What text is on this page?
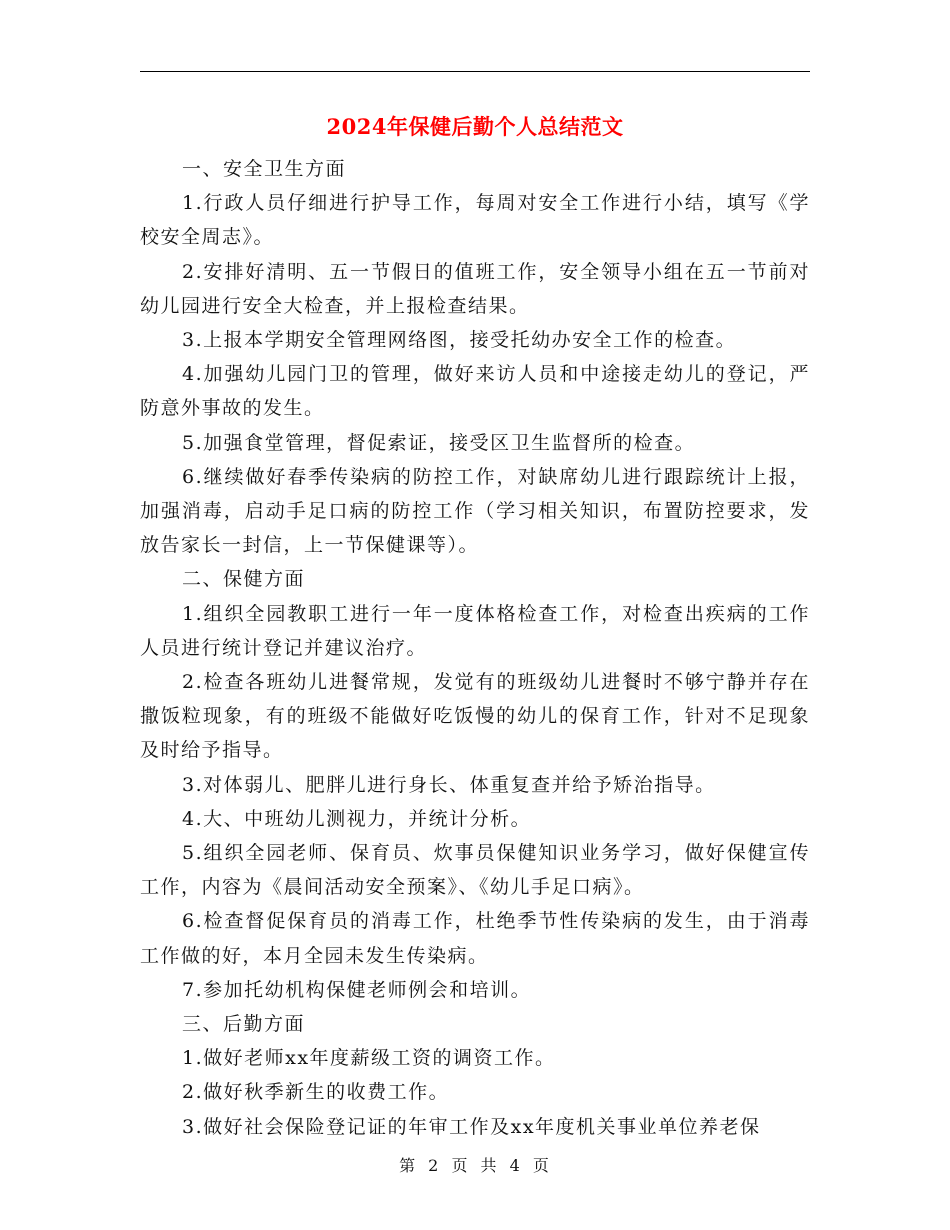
2024年保健后勤个人总结范文

一、安全卫生方面

1.行政人员仔细进行护导工作，每周对安全工作进行小结，填写《学校安全周志》。

2.安排好清明、五一节假日的值班工作，安全领导小组在五一节前对幼儿园进行安全大检查，并上报检查结果。

3.上报本学期安全管理网络图，接受托幼办安全工作的检查。

4.加强幼儿园门卫的管理，做好来访人员和中途接走幼儿的登记，严防意外事故的发生。

5.加强食堂管理，督促索证，接受区卫生监督所的检查。

6.继续做好春季传染病的防控工作，对缺席幼儿进行跟踪统计上报，加强消毒，启动手足口病的防控工作（学习相关知识，布置防控要求，发放告家长一封信，上一节保健课等）。

二、保健方面

1.组织全园教职工进行一年一度体格检查工作，对检查出疾病的工作人员进行统计登记并建议治疗。

2.检查各班幼儿进餐常规，发觉有的班级幼儿进餐时不够宁静并存在撒饭粒现象，有的班级不能做好吃饭慢的幼儿的保育工作，针对不足现象及时给予指导。

3.对体弱儿、肥胖儿进行身长、体重复查并给予矫治指导。

4.大、中班幼儿测视力，并统计分析。

5.组织全园老师、保育员、炊事员保健知识业务学习，做好保健宣传工作，内容为《晨间活动安全预案》、《幼儿手足口病》。

6.检查督促保育员的消毒工作，杜绝季节性传染病的发生，由于消毒工作做的好，本月全园未发生传染病。

7.参加托幼机构保健老师例会和培训。

三、后勤方面

1.做好老师xx年度薪级工资的调资工作。

2.做好秋季新生的收费工作。

3.做好社会保险登记证的年审工作及xx年度机关事业单位养老保

第 2 页 共 4 页
